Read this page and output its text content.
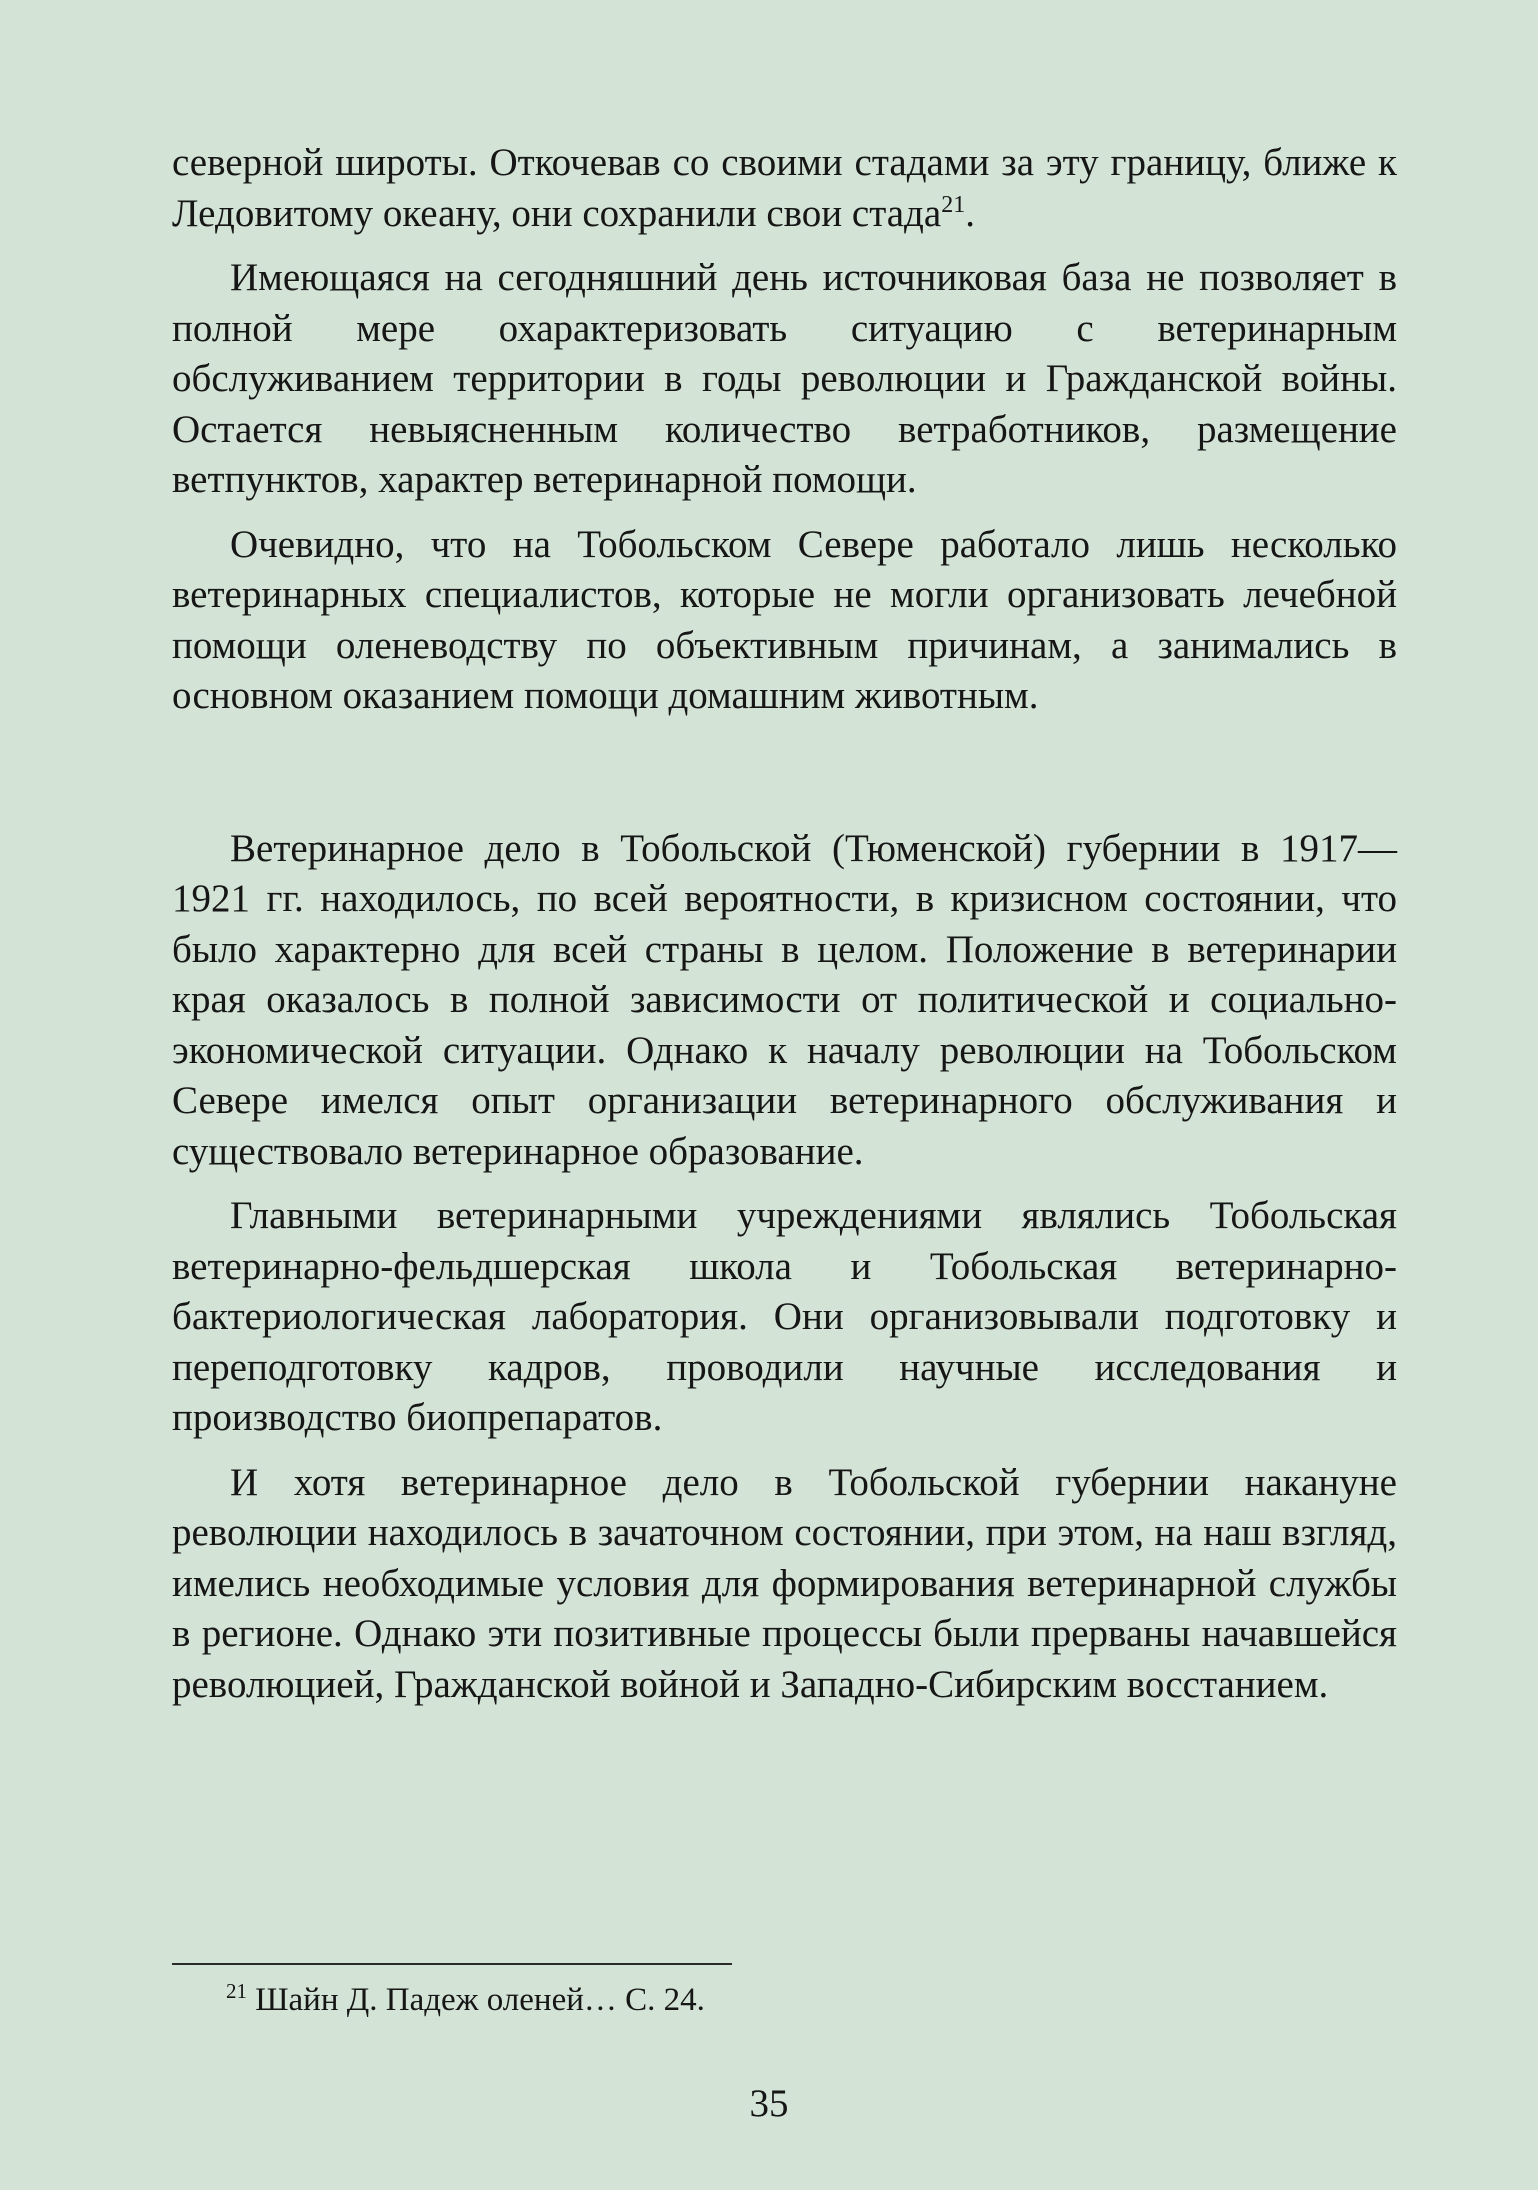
северной широты. Откочевав со своими стадами за эту границу, ближе к Ледовитому океану, они сохранили свои стада$^{21}$.

Имеющаяся на сегодняшний день источниковая база не позволяет в полной мере охарактеризовать ситуацию с ветеринарным обслуживанием территории в годы революции и Гражданской войны. Остается невыясненным количество ветработников, размещение ветпунктов, характер ветеринарной помощи.

Очевидно, что на Тобольском Севере работало лишь несколько ветеринарных специалистов, которые не могли организовать лечебной помощи оленеводству по объективным причинам, а занимались в основном оказанием помощи домашним животным.

Ветеринарное дело в Тобольской (Тюменской) губернии в 1917—1921 гг. находилось, по всей вероятности, в кризисном состоянии, что было характерно для всей страны в целом. Положение в ветеринарии края оказалось в полной зависимости от политической и социально-экономической ситуации. Однако к началу революции на Тобольском Севере имелся опыт организации ветеринарного обслуживания и существовало ветеринарное образование.

Главными ветеринарными учреждениями являлись Тобольская ветеринарно-фельдшерская школа и Тобольская ветеринарно-бактериологическая лаборатория. Они организовывали подготовку и переподготовку кадров, проводили научные исследования и производство биопрепаратов.

И хотя ветеринарное дело в Тобольской губернии накануне революции находилось в зачаточном состоянии, при этом, на наш взгляд, имелись необходимые условия для формирования ветеринарной службы в регионе. Однако эти позитивные процессы были прерваны начавшейся революцией, Гражданской войной и Западно-Сибирским восстанием.

$^{21}$ Шайн Д. Падеж оленей… С. 24.
35
